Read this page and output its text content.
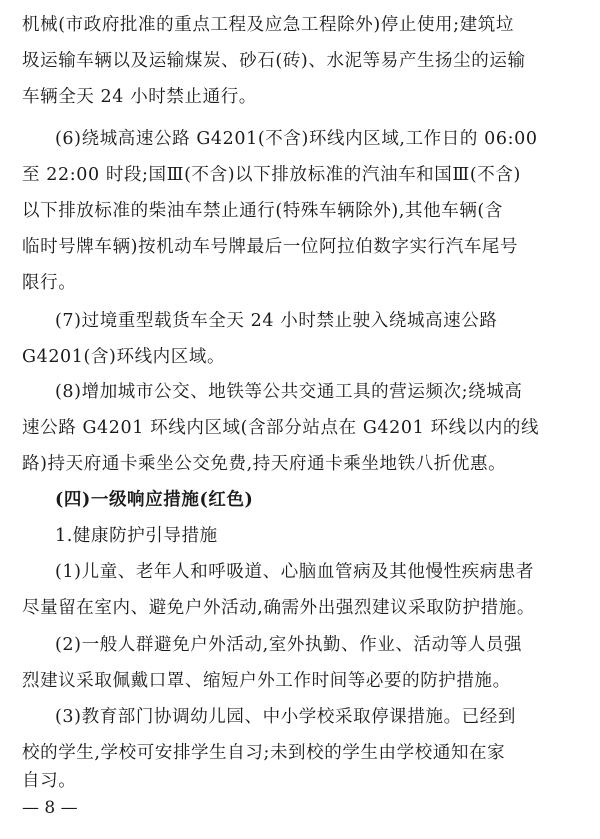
机械(市政府批准的重点工程及应急工程除外)停止使用;建筑垃
圾运输车辆以及运输煤炭、砂石(砖)、水泥等易产生扬尘的运输
车辆全天 24 小时禁止通行。
(6)绕城高速公路 G4201(不含)环线内区域,工作日的 06:00
至 22:00 时段;国Ⅲ(不含)以下排放标准的汽油车和国Ⅲ(不含)
以下排放标准的柴油车禁止通行(特殊车辆除外),其他车辆(含
临时号牌车辆)按机动车号牌最后一位阿拉伯数字实行汽车尾号
限行。
(7)过境重型载货车全天 24 小时禁止驶入绕城高速公路
G4201(含)环线内区域。
(8)增加城市公交、地铁等公共交通工具的营运频次;绕城高
速公路 G4201 环线内区域(含部分站点在 G4201 环线以内的线
路)持天府通卡乘坐公交免费,持天府通卡乘坐地铁八折优惠。
(四)一级响应措施(红色)
1.健康防护引导措施
(1)儿童、老年人和呼吸道、心脑血管病及其他慢性疾病患者
尽量留在室内、避免户外活动,确需外出强烈建议采取防护措施。
(2)一般人群避免户外活动,室外执勤、作业、活动等人员强
烈建议采取佩戴口罩、缩短户外工作时间等必要的防护措施。
(3)教育部门协调幼儿园、中小学校采取停课措施。已经到
校的学生,学校可安排学生自习;未到校的学生由学校通知在家
自习。
— 8 —
